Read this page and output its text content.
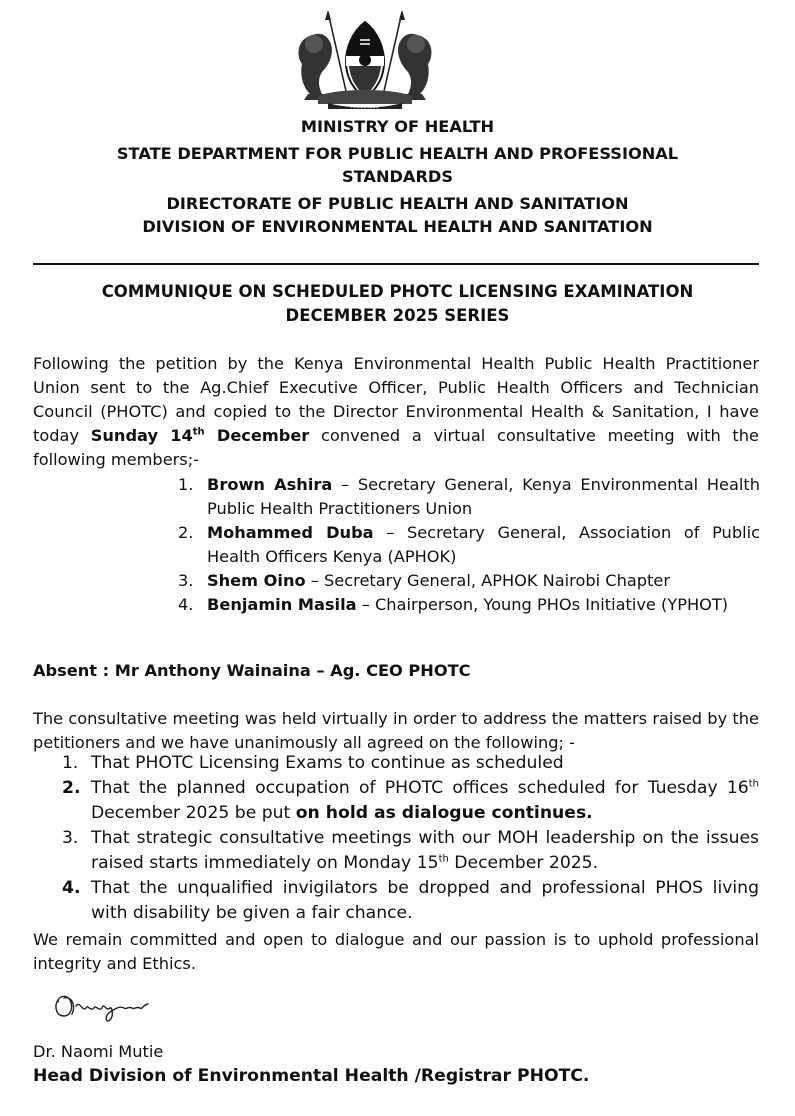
HARAMBEE
MINISTRY OF HEALTH
STATE DEPARTMENT FOR PUBLIC HEALTH AND PROFESSIONAL
STANDARDS
DIRECTORATE OF PUBLIC HEALTH AND SANITATION
DIVISION OF ENVIRONMENTAL HEALTH AND SANITATION
COMMUNIQUE ON SCHEDULED PHOTC LICENSING EXAMINATION
DECEMBER 2025 SERIES
Following the petition by the Kenya Environmental Health Public Health Practitioner Union sent to the Ag.Chief Executive Officer, Public Health Officers and Technician Council (PHOTC) and copied to the Director Environmental Health & Sanitation, I have today Sunday 14th December convened a virtual consultative meeting with the following members;-
1. Brown Ashira – Secretary General, Kenya Environmental Health Public Health Practitioners Union
2. Mohammed Duba – Secretary General, Association of Public Health Officers Kenya (APHOK)
3. Shem Oino – Secretary General, APHOK Nairobi Chapter
4. Benjamin Masila – Chairperson, Young PHOs Initiative (YPHOT)
Absent : Mr Anthony Wainaina – Ag. CEO PHOTC
The consultative meeting was held virtually in order to address the matters raised by the petitioners and we have unanimously all agreed on the following; -
1. That PHOTC Licensing Exams to continue as scheduled
2. That the planned occupation of PHOTC offices scheduled for Tuesday 16th December 2025 be put on hold as dialogue continues.
3. That strategic consultative meetings with our MOH leadership on the issues raised starts immediately on Monday 15th December 2025.
4. That the unqualified invigilators be dropped and professional PHOS living with disability be given a fair chance.
We remain committed and open to dialogue and our passion is to uphold professional integrity and Ethics.
Dr. Naomi Mutie
Head Division of Environmental Health /Registrar PHOTC.
